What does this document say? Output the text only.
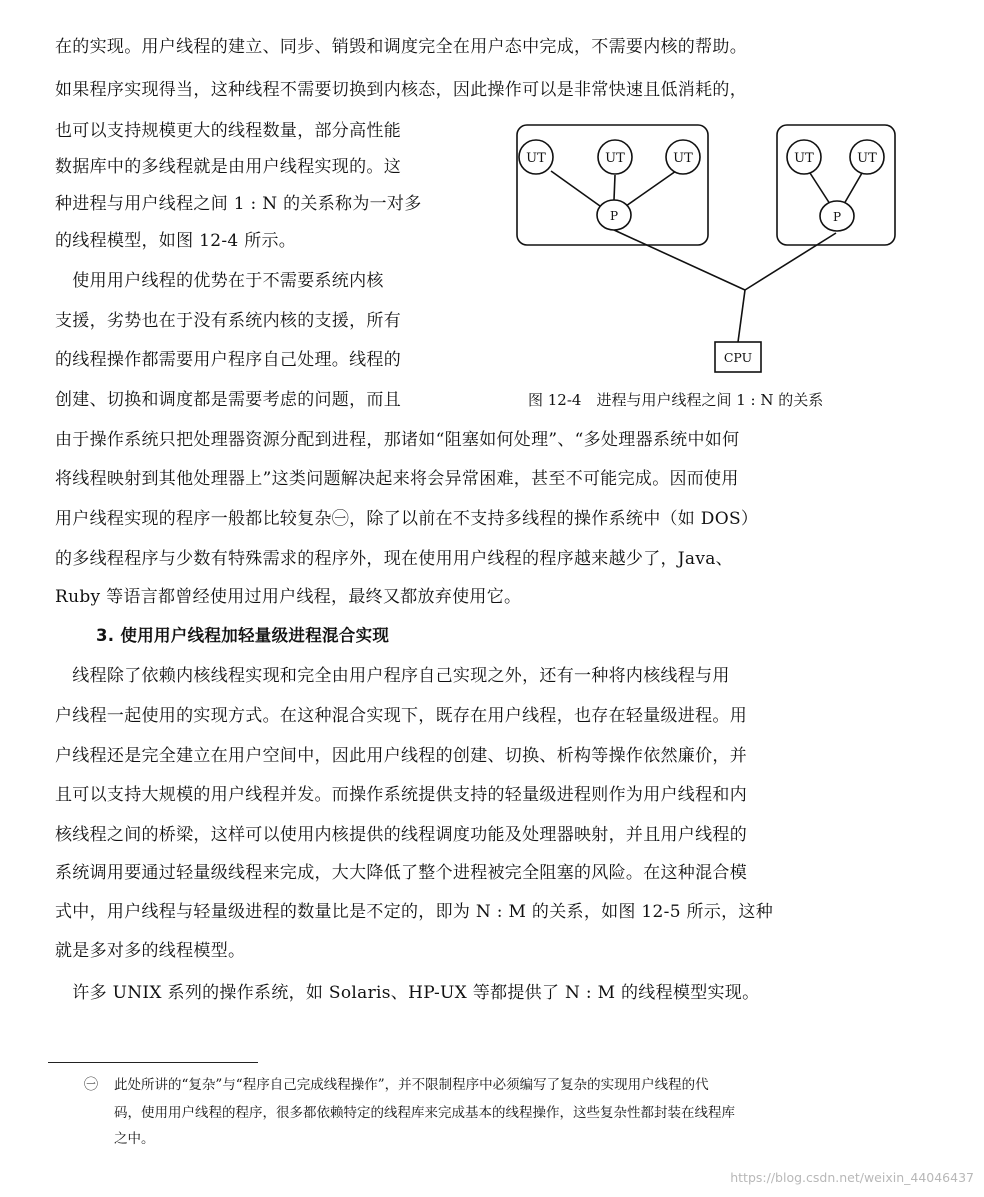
在的实现。用户线程的建立、同步、销毁和调度完全在用户态中完成，不需要内核的帮助。

如果程序实现得当，这种线程不需要切换到内核态，因此操作可以是非常快速且低消耗的，

也可以支持规模更大的线程数量，部分高性能

数据库中的多线程就是由用户线程实现的。这

种进程与用户线程之间 1 : N 的关系称为一对多

的线程模型，如图 12-4 所示。

　使用用户线程的优势在于不需要系统内核

支援，劣势也在于没有系统内核的支援，所有

的线程操作都需要用户程序自己处理。线程的

创建、切换和调度都是需要考虑的问题，而且

UT	UT	UT	UT	UT
P	P
CPU

图 12-4　进程与用户线程之间 1 : N 的关系

由于操作系统只把处理器资源分配到进程，那诸如“阻塞如何处理”、“多处理器系统中如何

将线程映射到其他处理器上”这类问题解决起来将会异常困难，甚至不可能完成。因而使用

用户线程实现的程序一般都比较复杂㊀，除了以前在不支持多线程的操作系统中（如 DOS）

的多线程程序与少数有特殊需求的程序外，现在使用用户线程的程序越来越少了，Java、

Ruby 等语言都曾经使用过用户线程，最终又都放弃使用它。

3. 使用用户线程加轻量级进程混合实现

　线程除了依赖内核线程实现和完全由用户程序自己实现之外，还有一种将内核线程与用

户线程一起使用的实现方式。在这种混合实现下，既存在用户线程，也存在轻量级进程。用

户线程还是完全建立在用户空间中，因此用户线程的创建、切换、析构等操作依然廉价，并

且可以支持大规模的用户线程并发。而操作系统提供支持的轻量级进程则作为用户线程和内

核线程之间的桥梁，这样可以使用内核提供的线程调度功能及处理器映射，并且用户线程的

系统调用要通过轻量级线程来完成，大大降低了整个进程被完全阻塞的风险。在这种混合模

式中，用户线程与轻量级进程的数量比是不定的，即为 N : M 的关系，如图 12-5 所示，这种

就是多对多的线程模型。

　许多 UNIX 系列的操作系统，如 Solaris、HP-UX 等都提供了 N : M 的线程模型实现。

㊀ 此处所讲的“复杂”与“程序自己完成线程操作”，并不限制程序中必须编写了复杂的实现用户线程的代

码，使用用户线程的程序，很多都依赖特定的线程库来完成基本的线程操作，这些复杂性都封装在线程库

之中。

https://blog.csdn.net/weixin_44046437
